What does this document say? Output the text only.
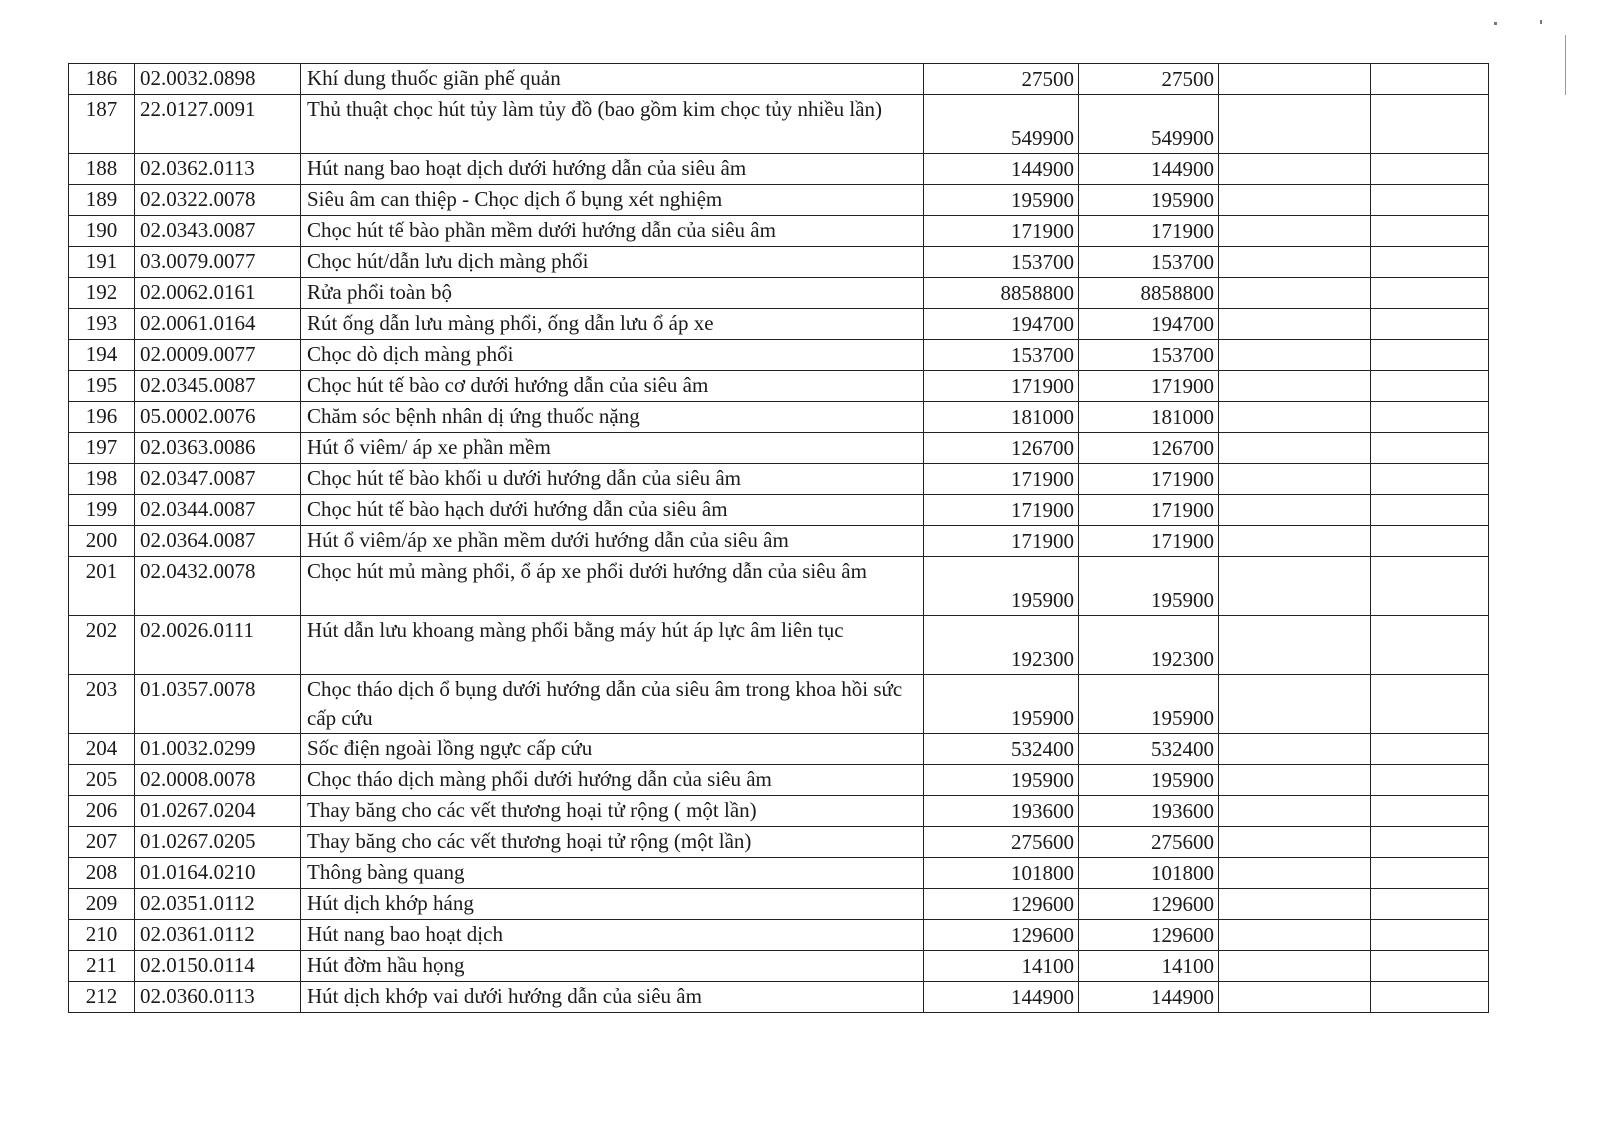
186	02.0032.0898	Khí dung thuốc giãn phế quản	27500	27500		
187	22.0127.0091	Thủ thuật chọc hút tủy làm tủy đồ (bao gồm kim chọc tủy nhiều lần)	549900	549900		
188	02.0362.0113	Hút nang bao hoạt dịch dưới hướng dẫn của siêu âm	144900	144900		
189	02.0322.0078	Siêu âm can thiệp - Chọc dịch ổ bụng xét nghiệm	195900	195900		
190	02.0343.0087	Chọc hút tế bào phần mềm dưới hướng dẫn của siêu âm	171900	171900		
191	03.0079.0077	Chọc hút/dẫn lưu dịch màng phổi	153700	153700		
192	02.0062.0161	Rửa phổi toàn bộ	8858800	8858800		
193	02.0061.0164	Rút ống dẫn lưu màng phổi, ống dẫn lưu ổ áp xe	194700	194700		
194	02.0009.0077	Chọc dò dịch màng phổi	153700	153700		
195	02.0345.0087	Chọc hút tế bào cơ dưới hướng dẫn của siêu âm	171900	171900		
196	05.0002.0076	Chăm sóc bệnh nhân dị ứng thuốc nặng	181000	181000		
197	02.0363.0086	Hút ổ viêm/ áp xe phần mềm	126700	126700		
198	02.0347.0087	Chọc hút tế bào khối u dưới hướng dẫn của siêu âm	171900	171900		
199	02.0344.0087	Chọc hút tế bào hạch dưới hướng dẫn của siêu âm	171900	171900		
200	02.0364.0087	Hút ổ viêm/áp xe phần mềm dưới hướng dẫn của siêu âm	171900	171900		
201	02.0432.0078	Chọc hút mủ màng phổi, ổ áp xe phổi dưới hướng dẫn của siêu âm	195900	195900		
202	02.0026.0111	Hút dẫn lưu khoang màng phổi bằng máy hút áp lực âm liên tục	192300	192300		
203	01.0357.0078	Chọc tháo dịch ổ bụng dưới hướng dẫn của siêu âm trong khoa hồi sức cấp cứu	195900	195900		
204	01.0032.0299	Sốc điện ngoài lồng ngực cấp cứu	532400	532400		
205	02.0008.0078	Chọc tháo dịch màng phổi dưới hướng dẫn của siêu âm	195900	195900		
206	01.0267.0204	Thay băng cho các vết thương hoại tử rộng ( một lần)	193600	193600		
207	01.0267.0205	Thay băng cho các vết thương hoại tử rộng (một lần)	275600	275600		
208	01.0164.0210	Thông bàng quang	101800	101800		
209	02.0351.0112	Hút dịch khớp háng	129600	129600		
210	02.0361.0112	Hút nang bao hoạt dịch	129600	129600		
211	02.0150.0114	Hút đờm hầu họng	14100	14100		
212	02.0360.0113	Hút dịch khớp vai dưới hướng dẫn của siêu âm	144900	144900		
